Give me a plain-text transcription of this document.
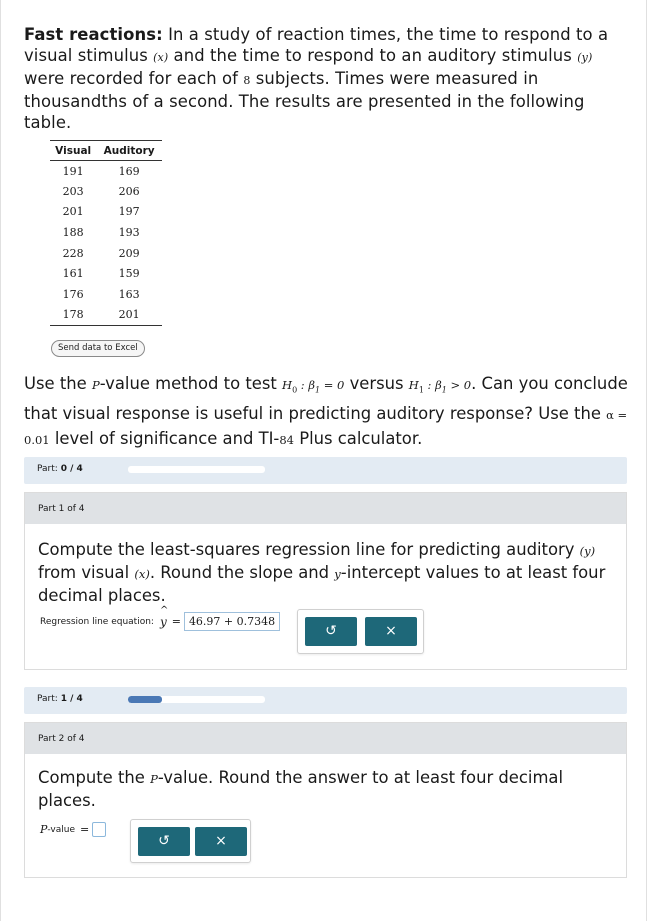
Fast reactions: In a study of reaction times, the time to respond to a visual stimulus (x) and the time to respond to an auditory stimulus (y) were recorded for each of 8 subjects. Times were measured in thousandths of a second. The results are presented in the following table.
Visual	Auditory
191	169
203	206
201	197
188	193
228	209
161	159
176	163
178	201
Send data to Excel
Use the P-value method to test $H_0$ : $\beta_1 = 0$ versus $H_1$ : $\beta_1 > 0$. Can you conclude that visual response is useful in predicting auditory response? Use the α = 0.01 level of significance and TI-84 Plus calculator.
Part: 0 / 4
Part 1 of 4
Compute the least-squares regression line for predicting auditory (y) from visual (x). Round the slope and y-intercept values to at least four decimal places.
Regression line equation:
^
y = 46.97 + 0.7348
↺	×
Part: 1 / 4
Part 2 of 4
Compute the P-value. Round the answer to at least four decimal places.
P -value =
↺	×
